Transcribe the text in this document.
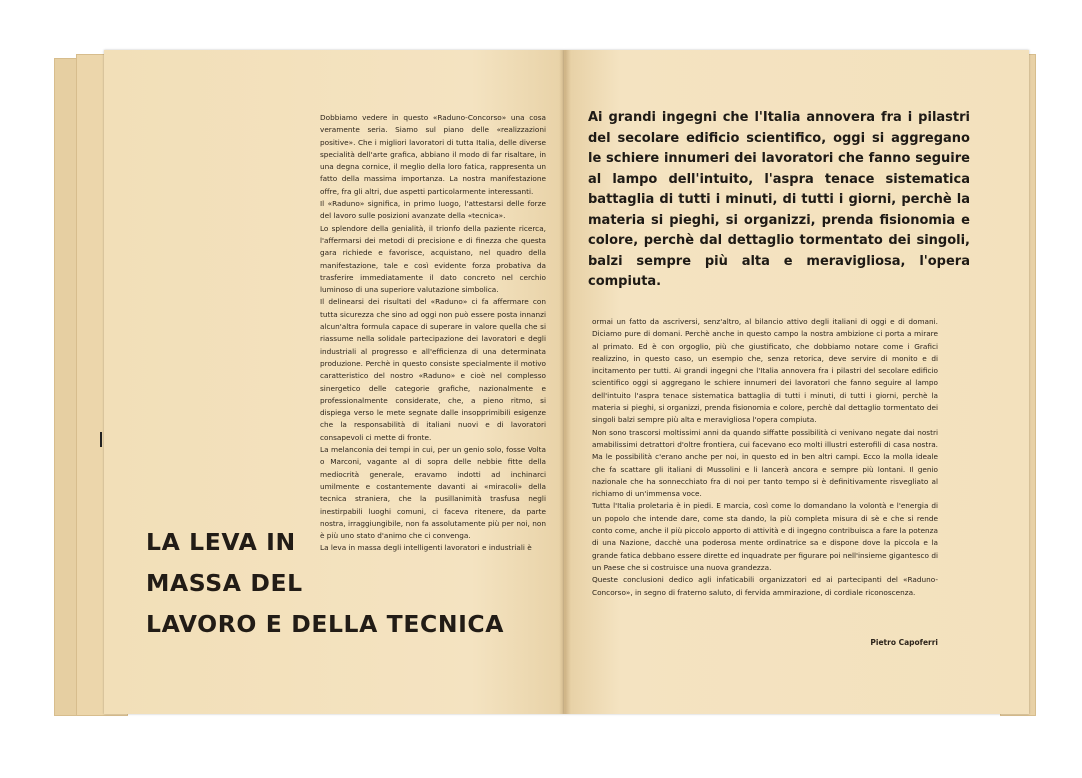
Dobbiamo vedere in questo «Raduno-Concorso» una cosa veramente seria. Siamo sul piano delle «realizzazioni positive». Che i migliori lavoratori di tutta Italia, delle diverse specialità dell'arte grafica, abbiano il modo di far risaltare, in una degna cornice, il meglio della loro fatica, rappresenta un fatto della massima importanza. La nostra manifestazione offre, fra gli altri, due aspetti particolarmente interessanti.

Il «Raduno» significa, in primo luogo, l'attestarsi delle forze del lavoro sulle posizioni avanzate della «tecnica».

Lo splendore della genialità, il trionfo della paziente ricerca, l'affermarsi dei metodi di precisione e di finezza che questa gara richiede e favorisce, acquistano, nel quadro della manifestazione, tale e così evidente forza probativa da trasferire immediatamente il dato concreto nel cerchio luminoso di una superiore valutazione simbolica.

Il delinearsi dei risultati del «Raduno» ci fa affermare con tutta sicurezza che sino ad oggi non può essere posta innanzi alcun'altra formula capace di superare in valore quella che si riassume nella solidale partecipazione dei lavoratori e degli industriali al progresso e all'efficienza di una determinata produzione. Perchè in questo consiste specialmente il motivo caratteristico del nostro «Raduno» e cioè nel complesso sinergetico delle categorie grafiche, nazionalmente e professionalmente considerate, che, a pieno ritmo, si dispiega verso le mete segnate dalle insopprimibili esigenze che la responsabilità di italiani nuovi e di lavoratori consapevoli ci mette di fronte.

La melanconia dei tempi in cui, per un genio solo, fosse Volta o Marconi, vagante al di sopra delle nebbie fitte della mediocrità generale, eravamo indotti ad inchinarci umilmente e costantemente davanti ai «miracoli» della tecnica straniera, che la pusillanimità trasfusa negli inestirpabili luoghi comuni, ci faceva ritenere, da parte nostra, irraggiungibile, non fa assolutamente più per noi, non è più uno stato d'animo che ci convenga.

La leva in massa degli intelligenti lavoratori e industriali è

LA LEVA IN
MASSA DEL
LAVORO E DELLA TECNICA

Ai grandi ingegni che l'Italia annovera fra i pilastri del secolare edificio scientifico, oggi si aggregano le schiere innumeri dei lavoratori che fanno seguire al lampo dell'intuito, l'aspra tenace sistematica battaglia di tutti i minuti, di tutti i giorni, perchè la materia si pieghi, si organizzi, prenda fisionomia e colore, perchè dal dettaglio tormentato dei singoli, balzi sempre più alta e meravigliosa, l'opera compiuta.

ormai un fatto da ascriversi, senz'altro, al bilancio attivo degli italiani di oggi e di domani. Diciamo pure di domani. Perchè anche in questo campo la nostra ambizione ci porta a mirare al primato. Ed è con orgoglio, più che giustificato, che dobbiamo notare come i Grafici realizzino, in questo caso, un esempio che, senza retorica, deve servire di monito e di incitamento per tutti. Ai grandi ingegni che l'Italia annovera fra i pilastri del secolare edificio scientifico oggi si aggregano le schiere innumeri dei lavoratori che fanno seguire al lampo dell'intuito l'aspra tenace sistematica battaglia di tutti i minuti, di tutti i giorni, perchè la materia si pieghi, si organizzi, prenda fisionomia e colore, perchè dal dettaglio tormentato dei singoli balzi sempre più alta e meravigliosa l'opera compiuta.

Non sono trascorsi moltissimi anni da quando siffatte possibilità ci venivano negate dai nostri amabilissimi detrattori d'oltre frontiera, cui facevano eco molti illustri esterofili di casa nostra. Ma le possibilità c'erano anche per noi, in questo ed in ben altri campi. Ecco la molla ideale che fa scattare gli italiani di Mussolini e li lancerà ancora e sempre più lontani. Il genio nazionale che ha sonnecchiato fra di noi per tanto tempo si è definitivamente risvegliato al richiamo di un'immensa voce.

Tutta l'Italia proletaria è in piedi. E marcia, così come lo domandano la volontà e l'energia di un popolo che intende dare, come sta dando, la più completa misura di sè e che si rende conto come, anche il più piccolo apporto di attività e di ingegno contribuisca a fare la potenza di una Nazione, dacchè una poderosa mente ordinatrice sa e dispone dove la piccola e la grande fatica debbano essere dirette ed inquadrate per figurare poi nell'insieme gigantesco di un Paese che si costruisce una nuova grandezza.

Queste conclusioni dedico agli infaticabili organizzatori ed ai partecipanti del «Raduno-Concorso», in segno di fraterno saluto, di fervida ammirazione, di cordiale riconoscenza.

Pietro Capoferri
